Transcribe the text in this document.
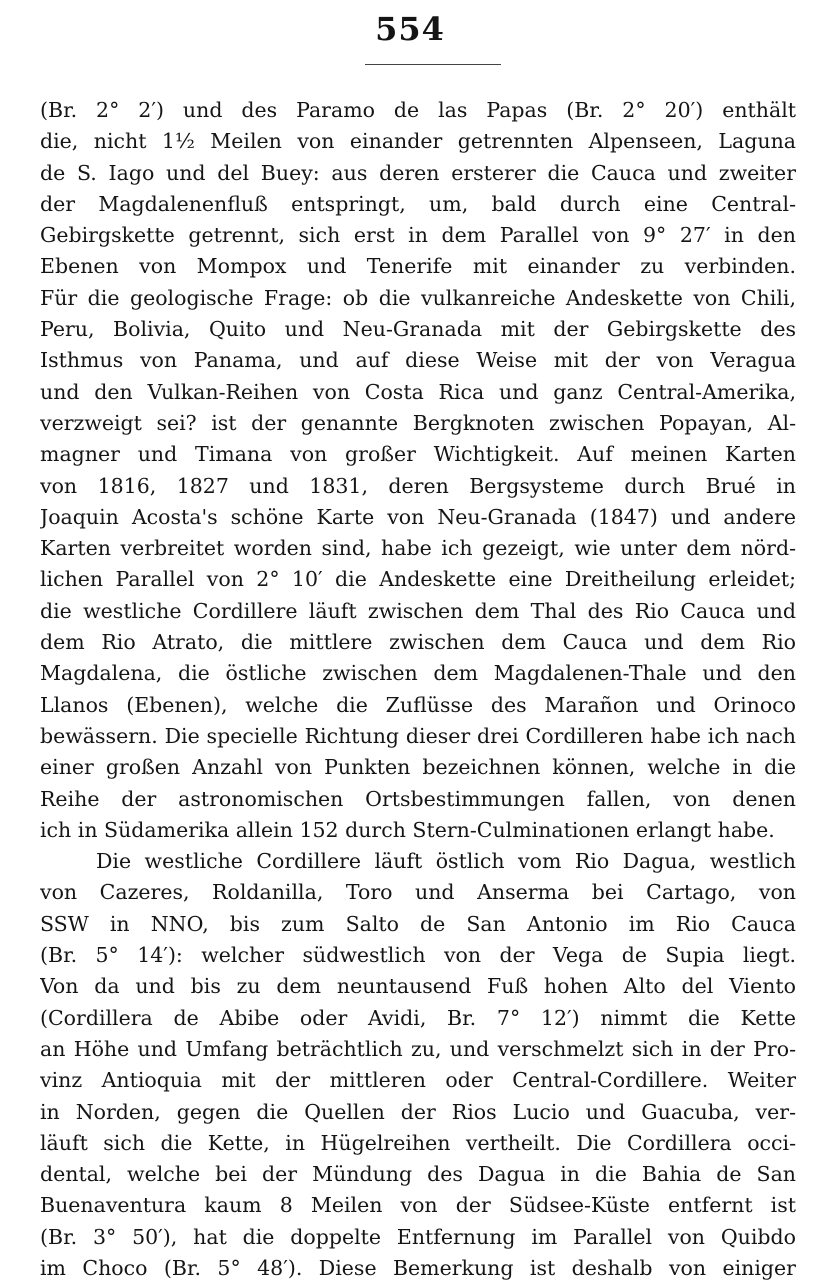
554
(Br. 2° 2′) und des Paramo de las Papas (Br. 2° 20′) enthält
die, nicht 1½ Meilen von einander getrennten Alpenseen, Laguna
de S. Iago und del Buey: aus deren ersterer die Cauca und zweiter
der Magdalenenfluß entspringt, um, bald durch eine Central-
Gebirgskette getrennt, sich erst in dem Parallel von 9° 27′ in den
Ebenen von Mompox und Tenerife mit einander zu verbinden.
Für die geologische Frage: ob die vulkanreiche Andeskette von Chili,
Peru, Bolivia, Quito und Neu-Granada mit der Gebirgskette des
Isthmus von Panama, und auf diese Weise mit der von Veragua
und den Vulkan-Reihen von Costa Rica und ganz Central-Amerika,
verzweigt sei? ist der genannte Bergknoten zwischen Popayan, Al-
magner und Timana von großer Wichtigkeit. Auf meinen Karten
von 1816, 1827 und 1831, deren Bergsysteme durch Brué in
Joaquin Acosta's schöne Karte von Neu-Granada (1847) und andere
Karten verbreitet worden sind, habe ich gezeigt, wie unter dem nörd-
lichen Parallel von 2° 10′ die Andeskette eine Dreitheilung erleidet;
die westliche Cordillere läuft zwischen dem Thal des Rio Cauca und
dem Rio Atrato, die mittlere zwischen dem Cauca und dem Rio
Magdalena, die östliche zwischen dem Magdalenen-Thale und den
Llanos (Ebenen), welche die Zuflüsse des Marañon und Orinoco
bewässern. Die specielle Richtung dieser drei Cordilleren habe ich nach
einer großen Anzahl von Punkten bezeichnen können, welche in die
Reihe der astronomischen Ortsbestimmungen fallen, von denen
ich in Südamerika allein 152 durch Stern-Culminationen erlangt habe.
Die westliche Cordillere läuft östlich vom Rio Dagua, westlich
von Cazeres, Roldanilla, Toro und Anserma bei Cartago, von
SSW in NNO, bis zum Salto de San Antonio im Rio Cauca
(Br. 5° 14′): welcher südwestlich von der Vega de Supia liegt.
Von da und bis zu dem neuntausend Fuß hohen Alto del Viento
(Cordillera de Abibe oder Avidi, Br. 7° 12′) nimmt die Kette
an Höhe und Umfang beträchtlich zu, und verschmelzt sich in der Pro-
vinz Antioquia mit der mittleren oder Central-Cordillere. Weiter
in Norden, gegen die Quellen der Rios Lucio und Guacuba, ver-
läuft sich die Kette, in Hügelreihen vertheilt. Die Cordillera occi-
dental, welche bei der Mündung des Dagua in die Bahia de San
Buenaventura kaum 8 Meilen von der Südsee-Küste entfernt ist
(Br. 3° 50′), hat die doppelte Entfernung im Parallel von Quibdo
im Choco (Br. 5° 48′). Diese Bemerkung ist deshalb von einiger
